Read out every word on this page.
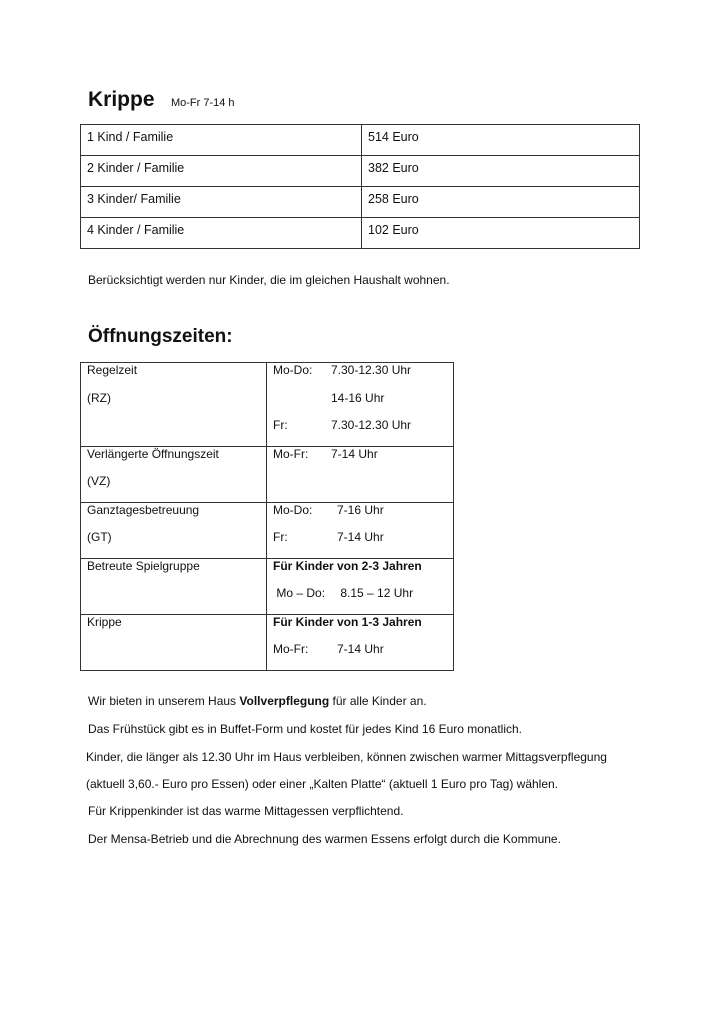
Krippe Mo-Fr 7-14 h
1 Kind / Familie	514 Euro
2 Kinder / Familie	382 Euro
3 Kinder/ Familie	258 Euro
4 Kinder / Familie	102 Euro
Berücksichtigt werden nur Kinder, die im gleichen Haushalt wohnen.
Öffnungszeiten:
Regelzeit
(RZ)	Mo-Do: 7.30-12.30 Uhr
14-16 Uhr
Fr: 7.30-12.30 Uhr

Verlängerte Öffnungszeit
(VZ)	Mo-Fr: 7-14 Uhr

Ganztagesbetreuung
(GT)	Mo-Do: 7-16 Uhr
Fr: 7-14 Uhr

Betreute Spielgruppe	Für Kinder von 2-3 Jahren
Mo – Do: 8.15 – 12 Uhr

Krippe	Für Kinder von 1-3 Jahren
Mo-Fr: 7-14 Uhr
Wir bieten in unserem Haus Vollverpflegung für alle Kinder an.
Das Frühstück gibt es in Buffet-Form und kostet für jedes Kind 16 Euro monatlich.
Kinder, die länger als 12.30 Uhr im Haus verbleiben, können zwischen warmer Mittagsverpflegung
(aktuell 3,60.- Euro pro Essen) oder einer „Kalten Platte“ (aktuell 1 Euro pro Tag) wählen.
Für Krippenkinder ist das warme Mittagessen verpflichtend.
Der Mensa-Betrieb und die Abrechnung des warmen Essens erfolgt durch die Kommune.
